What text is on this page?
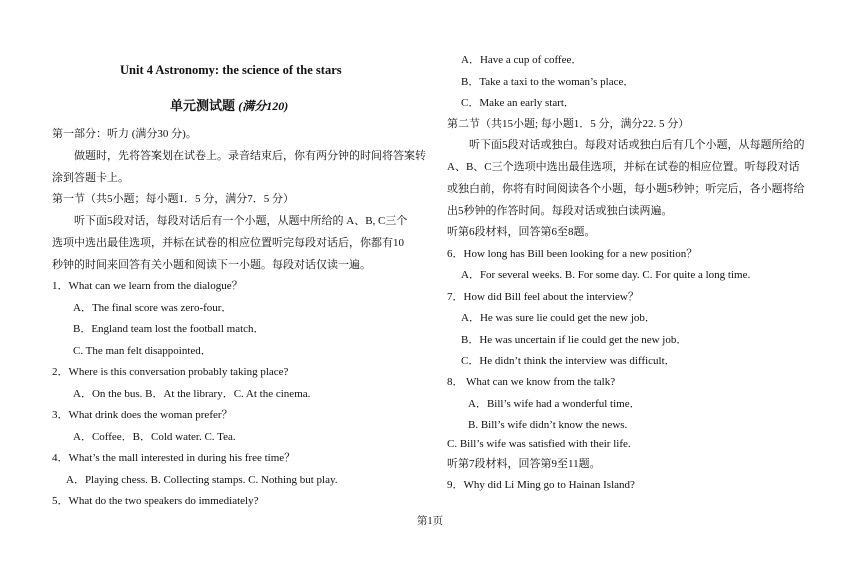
Unit 4 Astronomy: the science of the stars
单元测试题 (满分120)
第一部分：听力 (满分30 分)。
做题时，先将答案划在试卷上。录音结束后，你有两分钟的时间将答案转
涂到答题卡上。
第一节（共5小题；每小题1．5 分，满分7．5 分）
听下面5段对话，每段对话后有一个小题，从题中所给的 A、B, C三个
选项中选出最佳选项，并标在试卷的相应位置听完每段对话后，你都有10
秒钟的时间来回答有关小题和阅读下一小题。每段对话仅读一遍。
1．What can we learn from the dialogue？
A．The final score was zero-four．
B．England team lost the football match．
C. The man felt disappointed．
2．Where is this conversation probably taking place?
A．On the bus. B．At the library．C. At the cinema.
3．What drink does the woman prefer？
A．Coffee．B．Cold water. C. Tea.
4．What’s the mall interested in during his free time？
A．Playing chess. B. Collecting stamps. C. Nothing but play.
5．What do the two speakers do immediately?
A．Have a cup of coffee．
B．Take a taxi to the woman’s place．
C．Make an early start．
第二节（共15小题; 每小题1．5 分，满分22. 5 分）
听下面5段对话或独白。每段对话或独白后有几个小题，从每题所给的
A、B、C三个选项中选出最佳选项，并标在试卷的相应位置。听每段对话
或独白前，你将有时间阅读各个小题，每小题5秒钟；听完后，各小题将给
出5秒钟的作答时间。每段对话或独白读两遍。
听第6段材料，回答第6至8题。
6．How long has Bill been looking for a new position？
A．For several weeks. B. For some day. C. For quite a long time.
7．How did Bill feel about the interview？
A．He was sure lie could get the new job．
B．He was uncertain if lie could get the new job．
C．He didn’t think the interview was difficult．
8． What can we know from the talk?
A．Bill’s wife had a wonderful time．
B. Bill’s wife didn’t know the news.
C. Bill’s wife was satisfied with their life.
听第7段材料，回答第9至11题。
9．Why did Li Ming go to Hainan Island?
第1页
